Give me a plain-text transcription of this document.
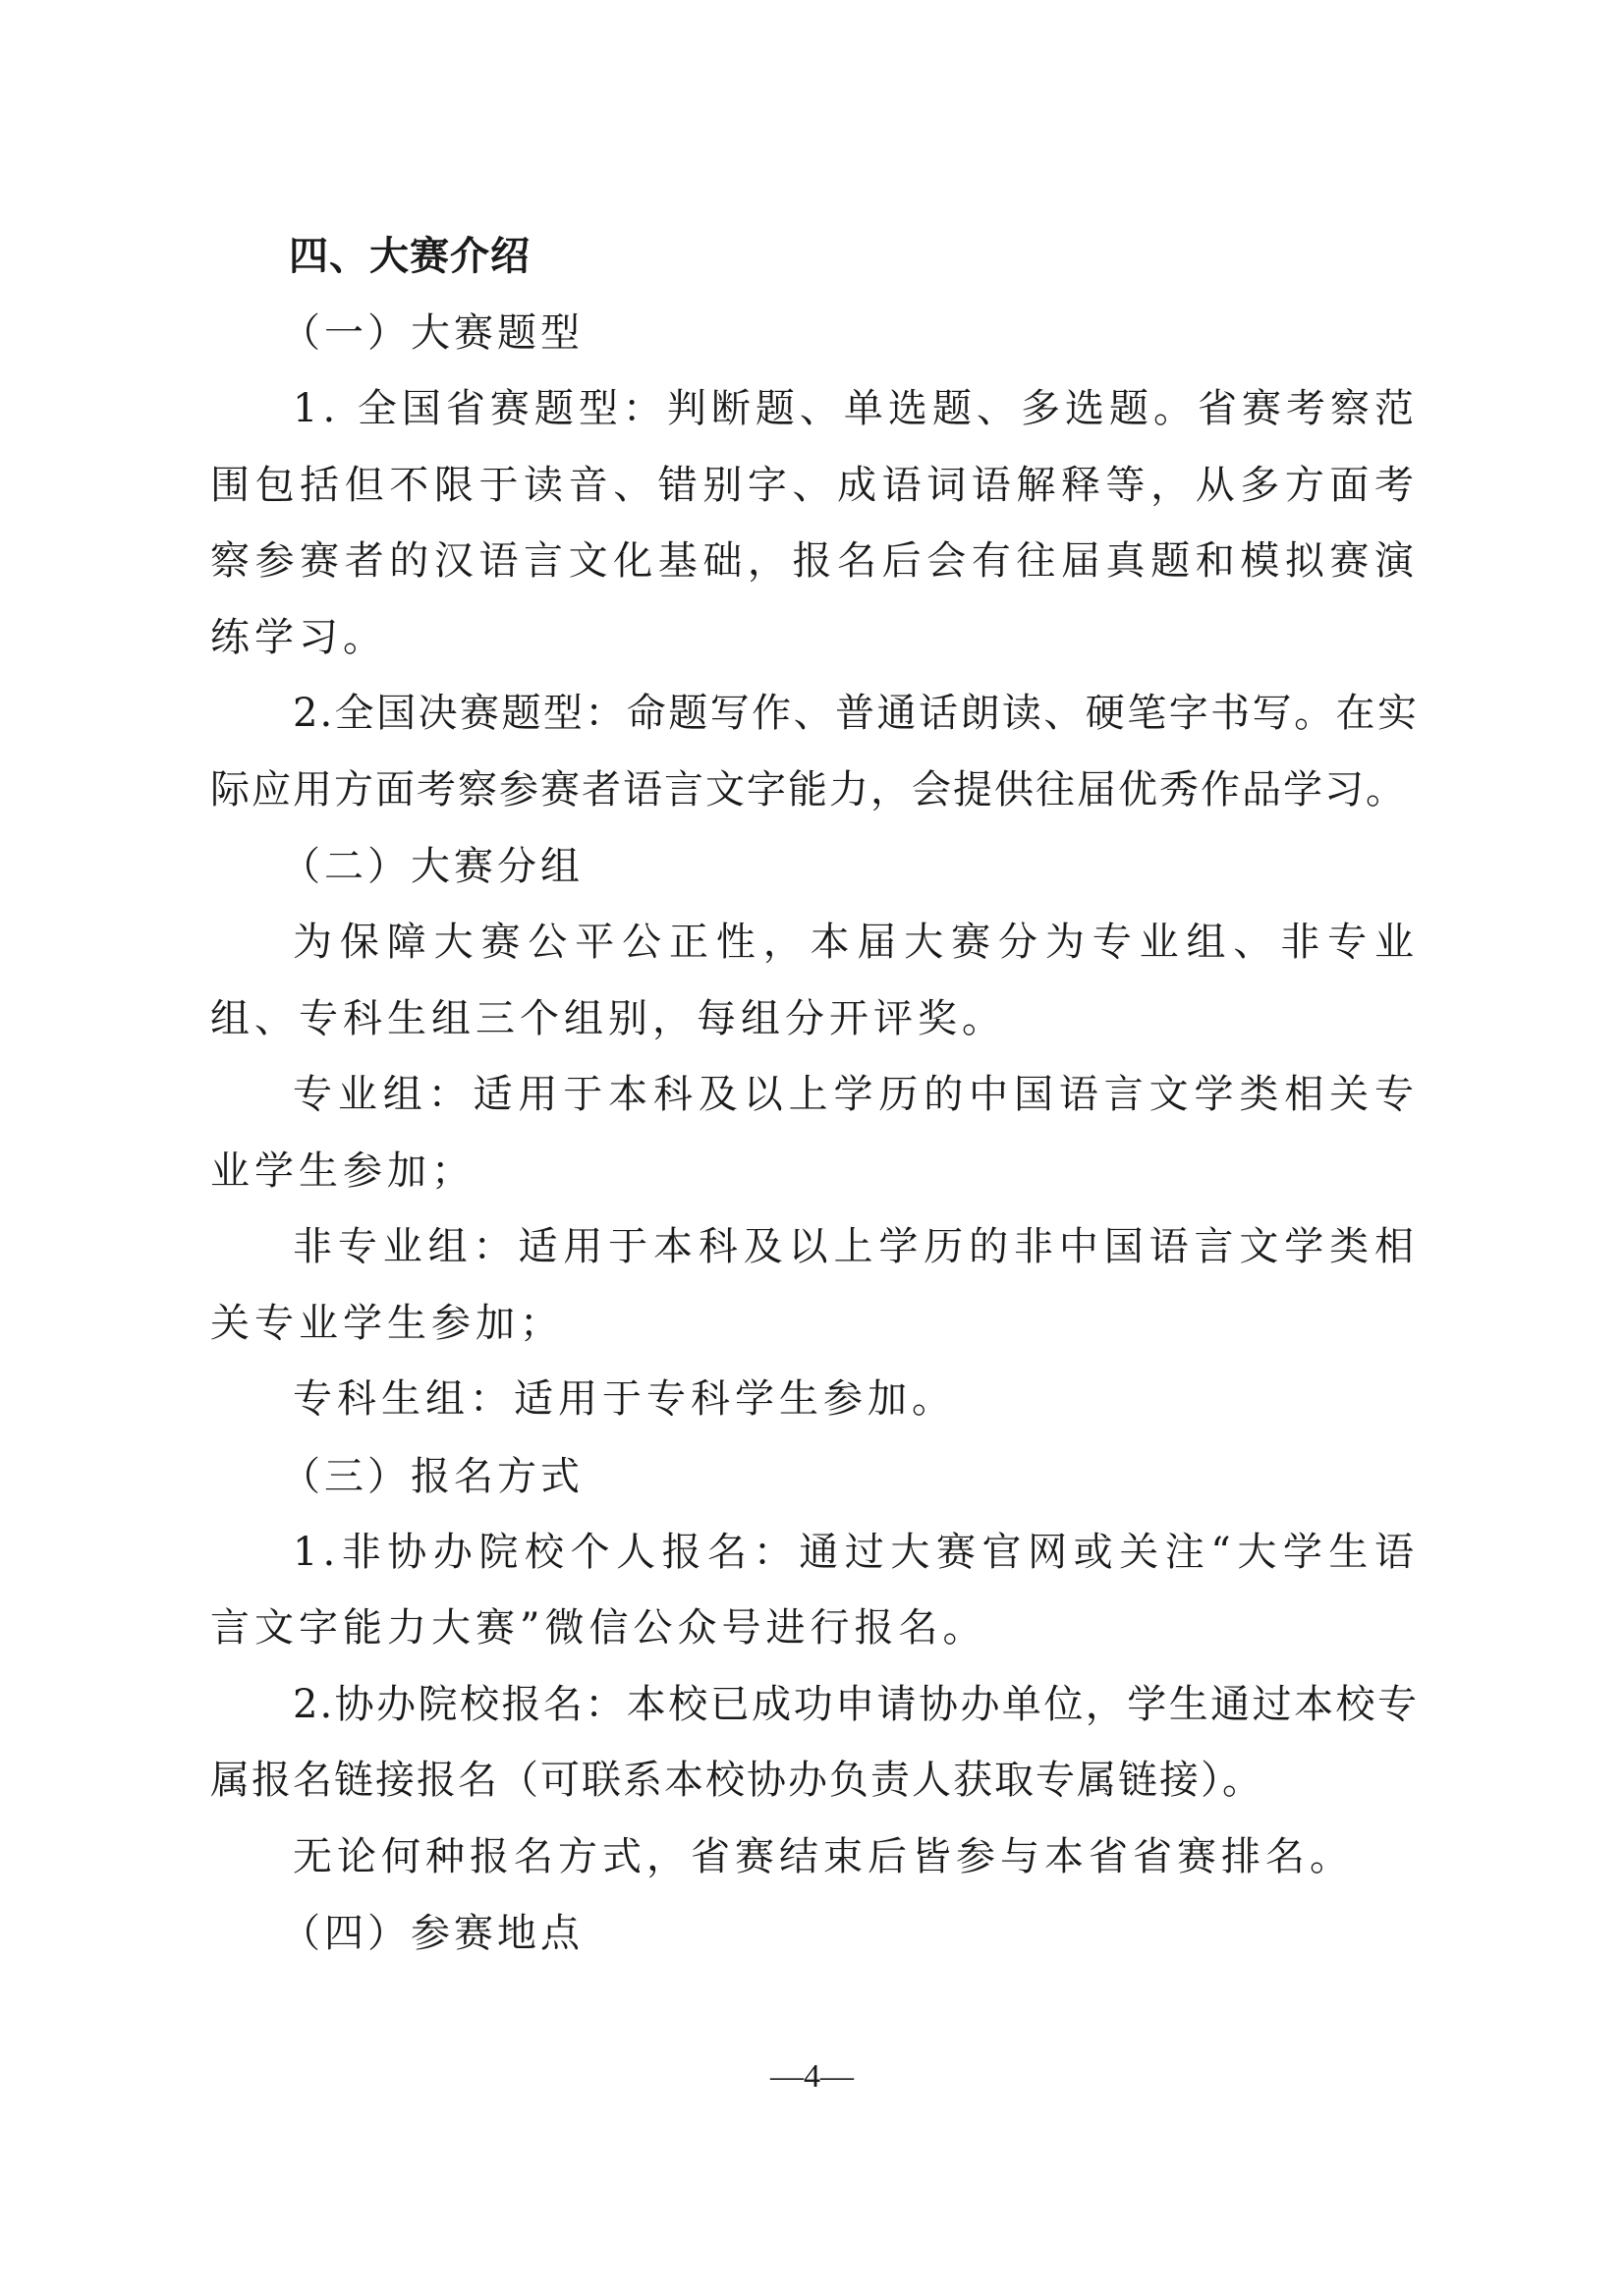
四、大赛介绍
（一）大赛题型

1. 全国省赛题型：判断题、单选题、多选题。省赛考察范围包括但不限于读音、错别字、成语词语解释等，从多方面考察参赛者的汉语言文化基础，报名后会有往届真题和模拟赛演练学习。

2.全国决赛题型：命题写作、普通话朗读、硬笔字书写。在实际应用方面考察参赛者语言文字能力，会提供往届优秀作品学习。

（二）大赛分组

为保障大赛公平公正性，本届大赛分为专业组、非专业组、专科生组三个组别，每组分开评奖。

专业组：适用于本科及以上学历的中国语言文学类相关专业学生参加；

非专业组：适用于本科及以上学历的非中国语言文学类相关专业学生参加；

专科生组：适用于专科学生参加。

（三）报名方式

1.非协办院校个人报名：通过大赛官网或关注“大学生语言文字能力大赛”微信公众号进行报名。

2.协办院校报名：本校已成功申请协办单位，学生通过本校专属报名链接报名（可联系本校协办负责人获取专属链接）。

无论何种报名方式，省赛结束后皆参与本省省赛排名。

（四）参赛地点
—4—
